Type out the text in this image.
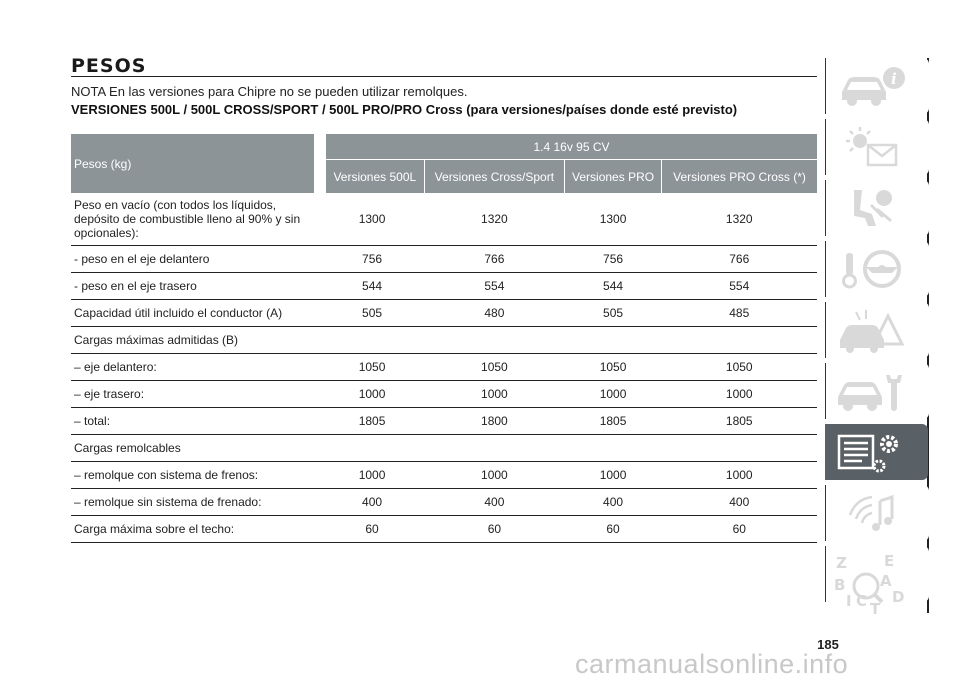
PESOS
NOTA En las versiones para Chipre no se pueden utilizar remolques.
VERSIONES 500L / 500L CROSS/SPORT / 500L PRO/PRO Cross (para versiones/países donde esté previsto)
Pesos (kg)	1.4 16v 95 CV			
	Versiones 500L	Versiones Cross/Sport	Versiones PRO	Versiones PRO Cross (*)
Peso en vacío (con todos los líquidos, depósito de combustible lleno al 90% y sin opcionales):	1300	1320	1300	1320
- peso en el eje delantero	756	766	756	766
- peso en el eje trasero	544	554	544	554
Capacidad útil incluido el conductor (A)	505	480	505	485
Cargas máximas admitidas (B)				
– eje delantero:	1050	1050	1050	1050
– eje trasero:	1000	1000	1000	1000
– total:	1805	1800	1805	1805
Cargas remolcables				
– remolque con sistema de frenos:	1000	1000	1000	1000
– remolque sin sistema de frenado:	400	400	400	400
Carga máxima sobre el techo:	60	60	60	60
i
Z E
B A
I C T
D
185
carmanualsonline.info
